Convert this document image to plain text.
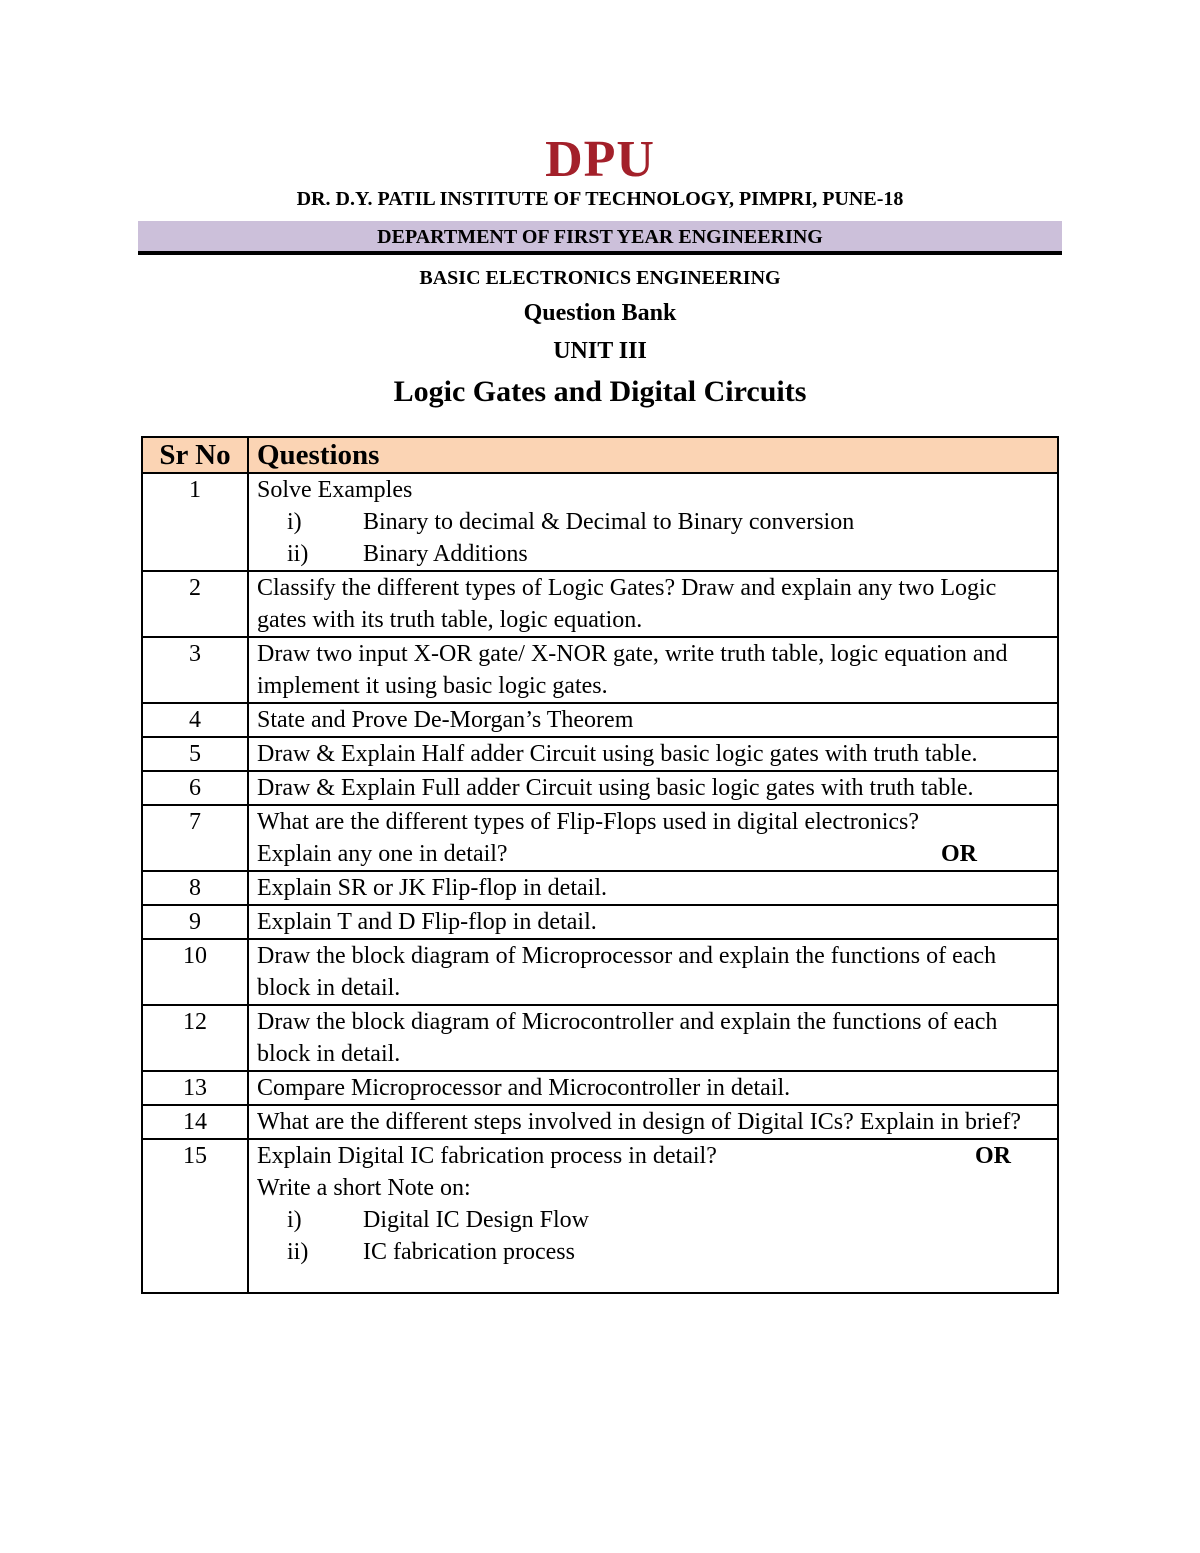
DPU
DR. D.Y. PATIL INSTITUTE OF TECHNOLOGY, PIMPRI, PUNE-18
DEPARTMENT OF FIRST YEAR ENGINEERING
BASIC ELECTRONICS ENGINEERING
Question Bank
UNIT III
Logic Gates and Digital Circuits
Sr No	Questions
1	Solve Examples
i) Binary to decimal & Decimal to Binary conversion
ii) Binary Additions

2	Classify the different types of Logic Gates? Draw and explain any two Logic gates with its truth table, logic equation.
3	Draw two input X-OR gate/ X-NOR gate, write truth table, logic equation and implement it using basic logic gates.
4	State and Prove De-Morgan’s Theorem
5	Draw & Explain Half adder Circuit using basic logic gates with truth table.
6	Draw & Explain Full adder Circuit using basic logic gates with truth table.
7	What are the different types of Flip-Flops used in digital electronics?
Explain any one in detail? OR

8	Explain SR or JK Flip-flop in detail.
9	Explain T and D Flip-flop in detail.
10	Draw the block diagram of Microprocessor and explain the functions of each block in detail.
12	Draw the block diagram of Microcontroller and explain the functions of each block in detail.
13	Compare Microprocessor and Microcontroller in detail.
14	What are the different steps involved in design of Digital ICs? Explain in brief?
15	Explain Digital IC fabrication process in detail? OR
Write a short Note on:
i) Digital IC Design Flow
ii) IC fabrication process
